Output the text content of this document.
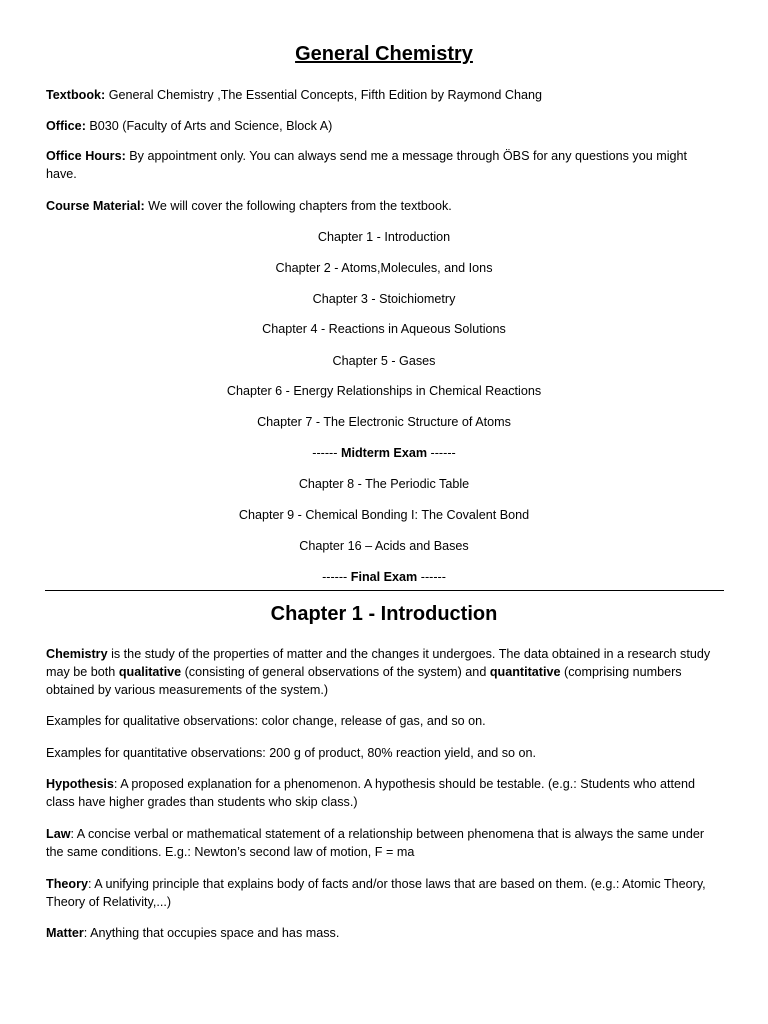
General Chemistry

Textbook: General Chemistry ,The Essential Concepts, Fifth Edition by Raymond Chang

Office: B030 (Faculty of Arts and Science, Block A)

Office Hours: By appointment only. You can always send me a message through ÖBS for any questions you might have.

Course Material: We will cover the following chapters from the textbook.

Chapter 1 - Introduction
Chapter 2 - Atoms,Molecules, and Ions
Chapter 3 - Stoichiometry
Chapter 4 - Reactions in Aqueous Solutions
Chapter 5 - Gases
Chapter 6 - Energy Relationships in Chemical Reactions
Chapter 7 - The Electronic Structure of Atoms
------ Midterm Exam ------
Chapter 8 - The Periodic Table
Chapter 9 - Chemical Bonding I: The Covalent Bond
Chapter 16 – Acids and Bases
------ Final Exam ------
Chapter 1 - Introduction

Chemistry is the study of the properties of matter and the changes it undergoes. The data obtained in a research study may be both qualitative (consisting of general observations of the system) and quantitative (comprising numbers obtained by various measurements of the system.)

Examples for qualitative observations: color change, release of gas, and so on.

Examples for quantitative observations: 200 g of product, 80% reaction yield, and so on.

Hypothesis: A proposed explanation for a phenomenon. A hypothesis should be testable. (e.g.: Students who attend class have higher grades than students who skip class.)

Law: A concise verbal or mathematical statement of a relationship between phenomena that is always the same under the same conditions. E.g.: Newton’s second law of motion, F = ma

Theory: A unifying principle that explains body of facts and/or those laws that are based on them. (e.g.: Atomic Theory, Theory of Relativity,...)

Matter: Anything that occupies space and has mass.
